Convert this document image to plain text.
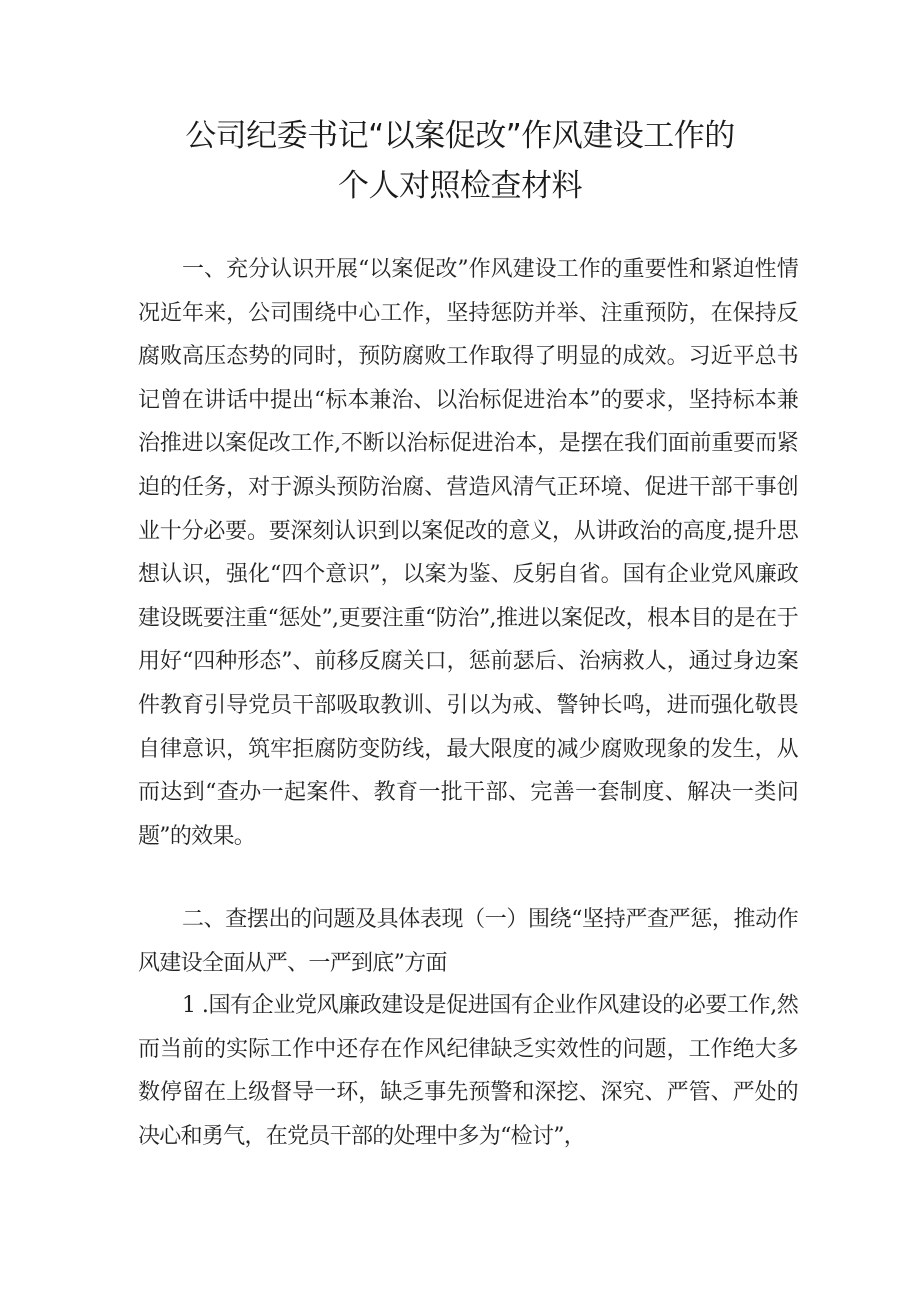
公司纪委书记“以案促改”作风建设工作的
个人对照检查材料

一、充分认识开展“以案促改”作风建设工作的重要性和紧迫性情况近年来，公司围绕中心工作，坚持惩防并举、注重预防，在保持反腐败高压态势的同时，预防腐败工作取得了明显的成效。习近平总书记曾在讲话中提出“标本兼治、以治标促进治本”的要求，坚持标本兼治推进以案促改工作,不断以治标促进治本，是摆在我们面前重要而紧迫的任务，对于源头预防治腐、营造风清气正环境、促进干部干事创业十分必要。要深刻认识到以案促改的意义，从讲政治的高度,提升思想认识，强化“四个意识”，以案为鉴、反躬自省。国有企业党风廉政建设既要注重“惩处”,更要注重“防治”,推进以案促改，根本目的是在于用好“四种形态”、前移反腐关口，惩前瑟后、治病救人，通过身边案件教育引导党员干部吸取教训、引以为戒、警钟长鸣，进而强化敬畏自律意识，筑牢拒腐防变防线，最大限度的减少腐败现象的发生，从而达到“查办一起案件、教育一批干部、完善一套制度、解决一类问题”的效果。

二、查摆出的问题及具体表现（一）围绕“坚持严查严惩，推动作风建设全面从严、一严到底”方面

1 .国有企业党风廉政建设是促进国有企业作风建设的必要工作,然而当前的实际工作中还存在作风纪律缺乏实效性的问题，工作绝大多数停留在上级督导一环，缺乏事先预警和深挖、深究、严管、严处的决心和勇气，在党员干部的处理中多为“检讨”，
